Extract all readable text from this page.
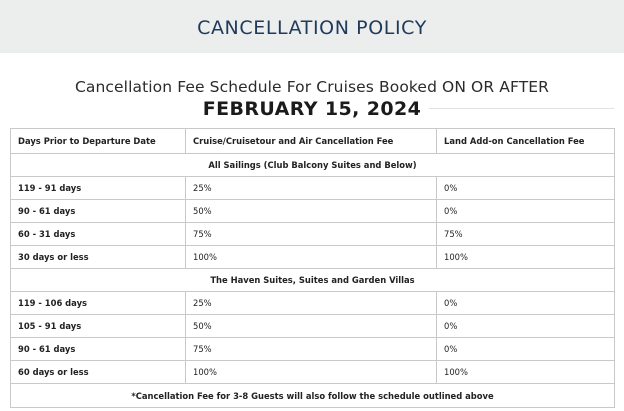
CANCELLATION POLICY
Cancellation Fee Schedule For Cruises Booked ON OR AFTER
FEBRUARY 15, 2024
Days Prior to Departure Date	Cruise/Cruisetour and Air Cancellation Fee	Land Add-on Cancellation Fee
All Sailings (Club Balcony Suites and Below)		
119 - 91 days	25%	0%
90 - 61 days	50%	0%
60 - 31 days	75%	75%
30 days or less	100%	100%
The Haven Suites, Suites and Garden Villas		
119 - 106 days	25%	0%
105 - 91 days	50%	0%
90 - 61 days	75%	0%
60 days or less	100%	100%
*Cancellation Fee for 3-8 Guests will also follow the schedule outlined above		
